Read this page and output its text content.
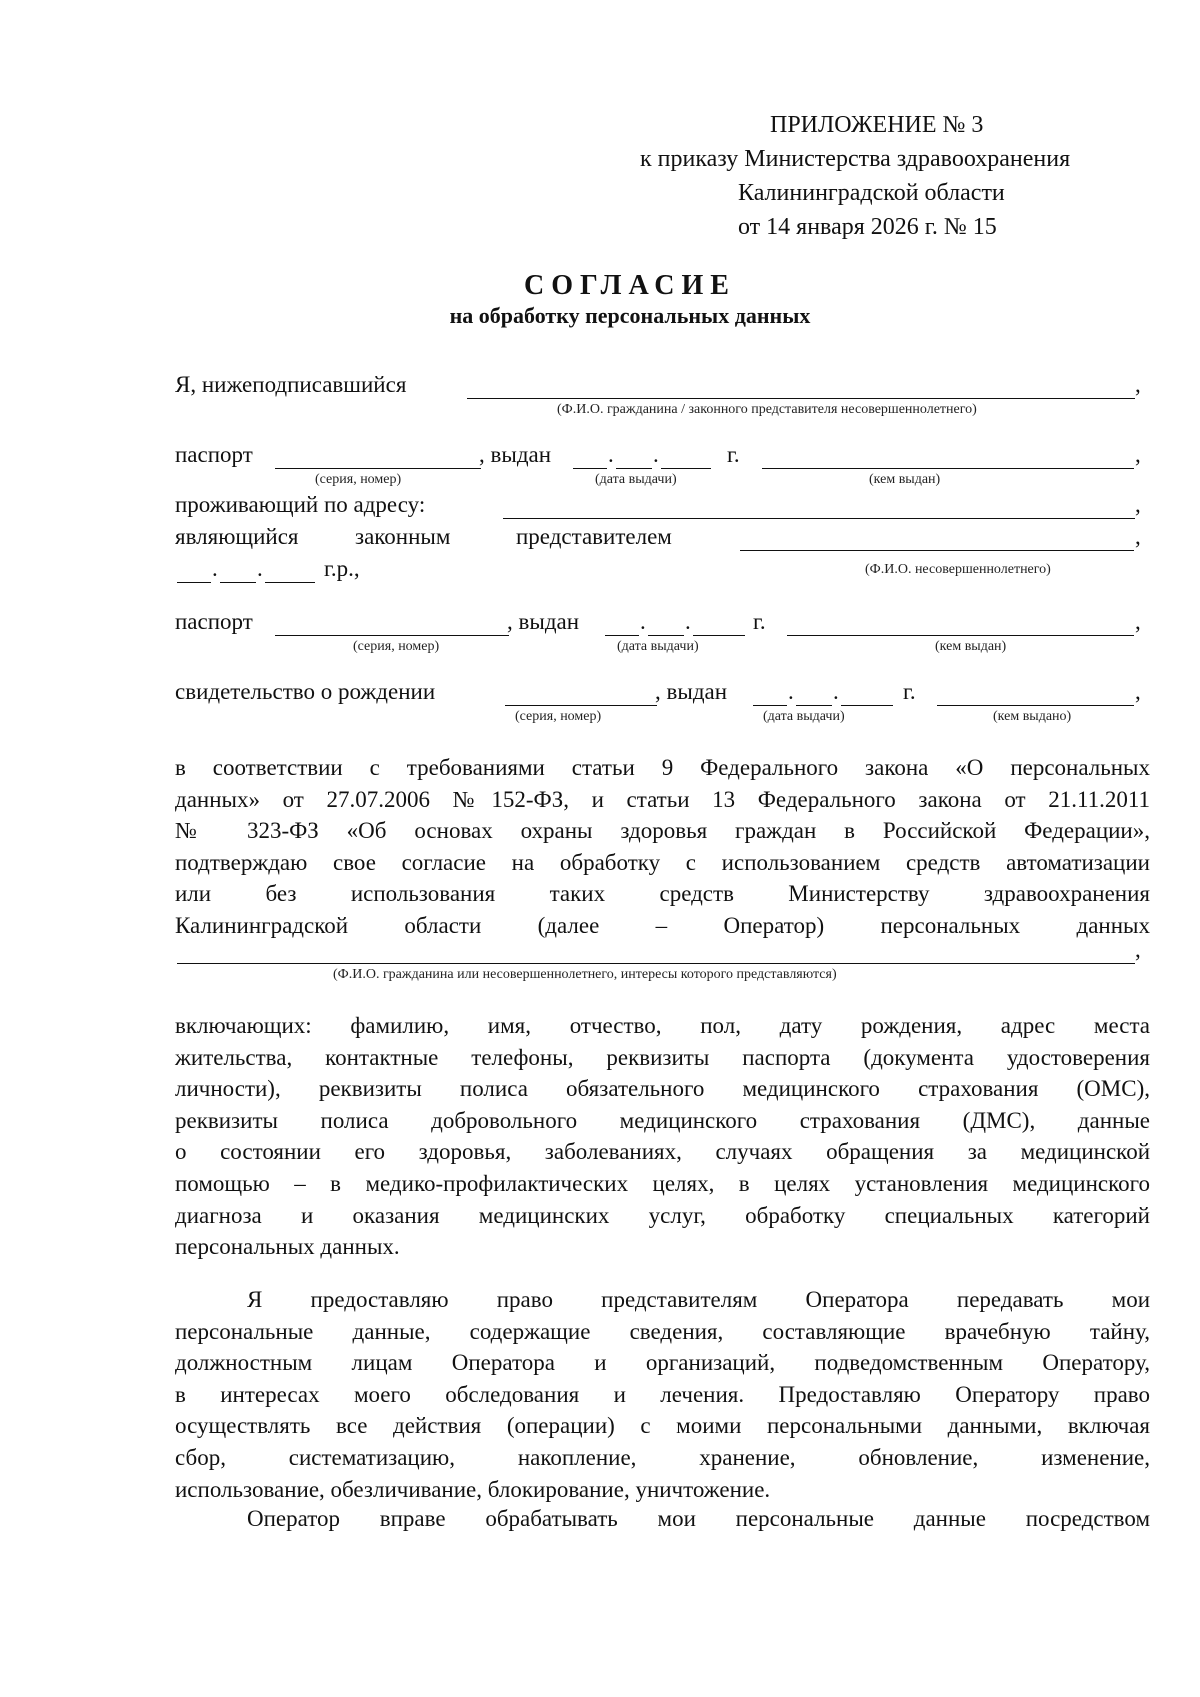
ПРИЛОЖЕНИЕ № 3
к приказу Министерства здравоохранения
Калининградской области
от 14 января 2026 г. № 15
СОГЛАСИЕ
на обработку персональных данных
Я, нижеподписавшийся	,
(Ф.И.О. гражданина / законного представителя несовершеннолетнего)
паспорт	, выдан . .	г.	,
(серия, номер)	(дата выдачи)	(кем выдан)
проживающий по адресу:	,
являющийся законным	представителем	,
. .	г.р.,	(Ф.И.О. несовершеннолетнего)
паспорт	, выдан	. .	г.	,
(серия, номер)	(дата выдачи)	(кем выдан)
свидетельство о рождении	, выдан	. .	г.	,
(серия, номер)	(дата выдачи)	(кем выдано)
в соответствии с требованиями статьи 9 Федерального закона «О персональных
данных» от 27.07.2006 №152-ФЗ, и статьи 13 Федерального закона от 21.11.2011
№ 323-ФЗ «Об основах охраны здоровья граждан в Российской Федерации»,
подтверждаю свое согласие на обработку с использованием средств автоматизации
или без использования таких средств Министерству здравоохранения
Калининградской области (далее – Оператор) персональных данных
,
(Ф.И.О. гражданина или несовершеннолетнего, интересы которого представляются)
включающих: фамилию, имя, отчество, пол, дату рождения, адрес места
жительства, контактные телефоны, реквизиты паспорта (документа удостоверения
личности), реквизиты полиса обязательного медицинского страхования (ОМС),
реквизиты полиса добровольного медицинского страхования (ДМС), данные
о состоянии его здоровья, заболеваниях, случаях обращения за медицинской
помощью – в медико-профилактических целях, в целях установления медицинского
диагноза и оказания медицинских услуг, обработку специальных категорий
персональных данных.
Я предоставляю право представителям Оператора передавать мои
персональные данные, содержащие сведения, составляющие врачебную тайну,
должностным лицам Оператора и организаций, подведомственным Оператору,
в интересах моего обследования и лечения. Предоставляю Оператору право
осуществлять все действия (операции) с моими персональными данными, включая
сбор, систематизацию, накопление, хранение, обновление, изменение,
использование, обезличивание, блокирование, уничтожение.
Оператор вправе обрабатывать мои персональные данные посредством
